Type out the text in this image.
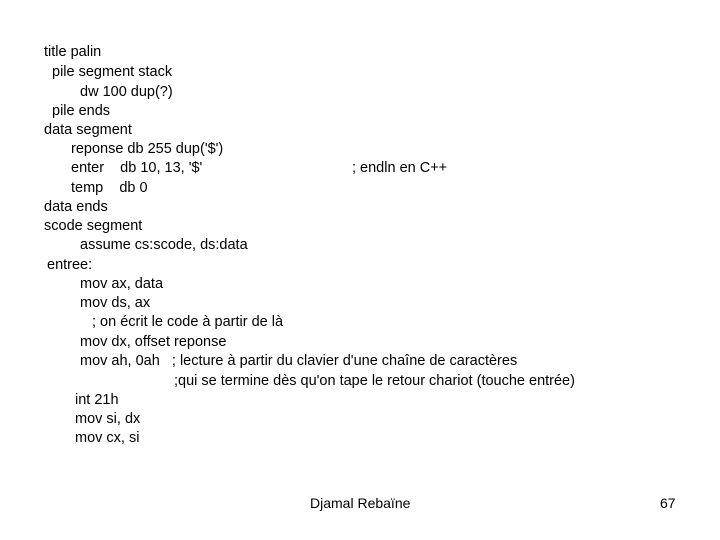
title palin
pile segment stack
dw 100 dup(?)
pile ends
data segment
reponse db 255 dup('$')
enter    db 10, 13, '$'	; endln en C++
temp    db 0
data ends
scode segment
assume cs:scode, ds:data
entree:
mov ax, data
mov ds, ax
; on écrit le code à partir de là
mov dx, offset reponse
mov ah, 0ah   ; lecture à partir du clavier d'une chaîne de caractères
;qui se termine dès qu'on tape le retour chariot (touche entrée)
int 21h
mov si, dx
mov cx, si
Djamal Rebaïne	67
